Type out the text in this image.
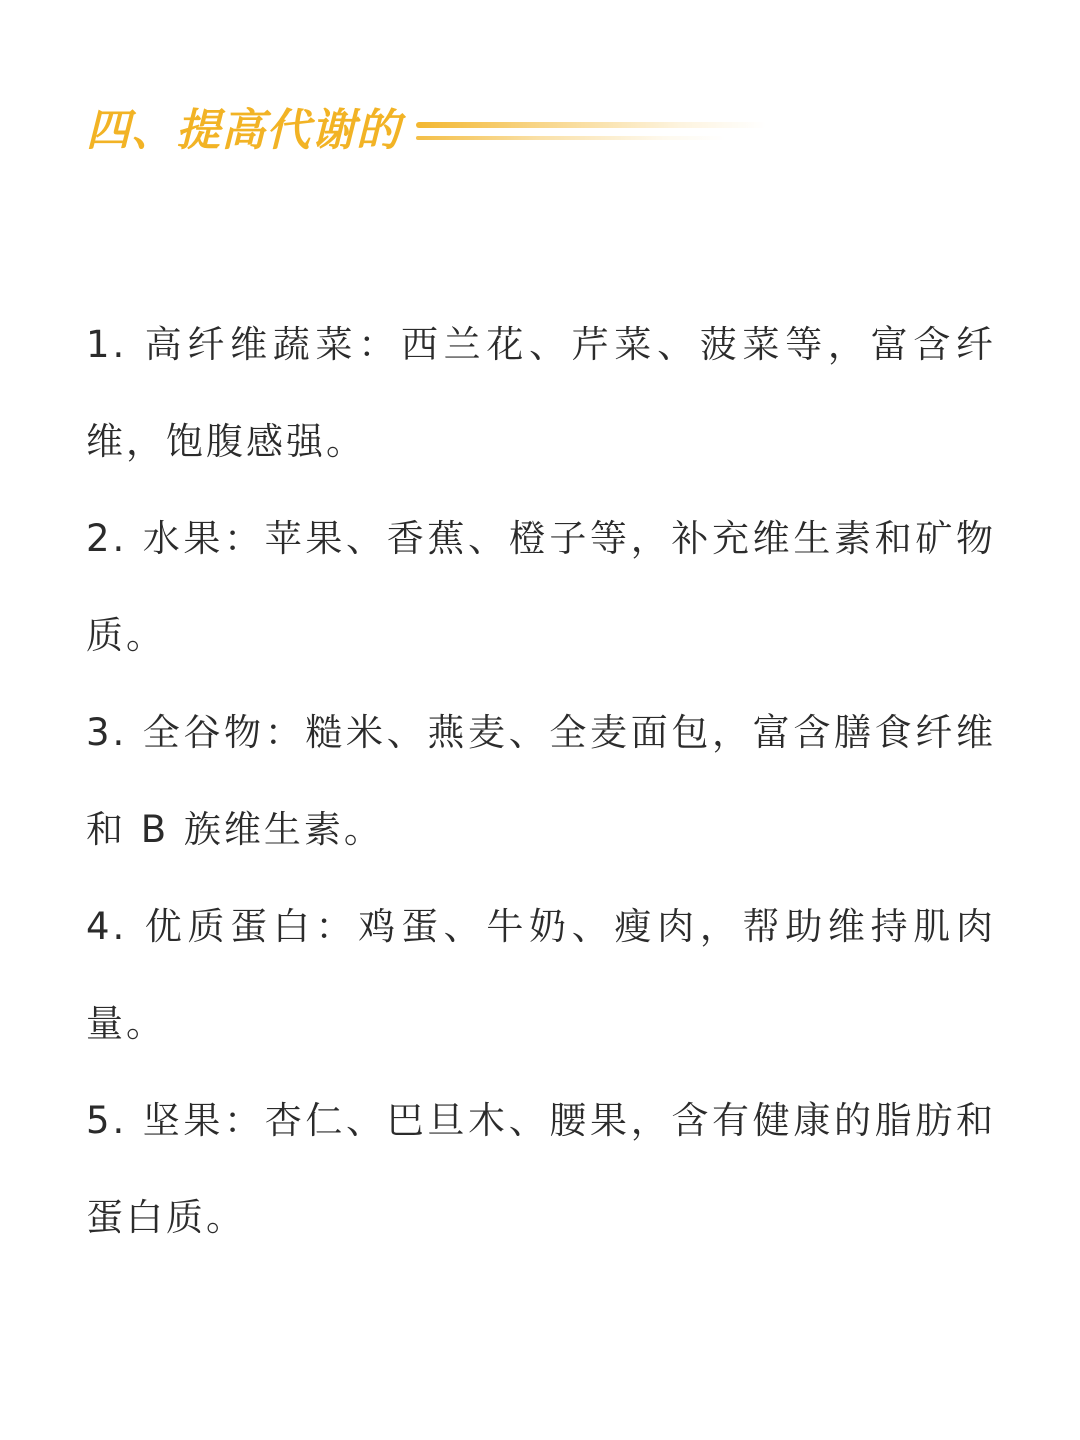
四、提高代谢的

1. 高纤维蔬菜：西兰花、芹菜、菠菜等，富含纤维，饱腹感强。

2. 水果：苹果、香蕉、橙子等，补充维生素和矿物质。

3. 全谷物：糙米、燕麦、全麦面包，富含膳食纤维和 B 族维生素。

4. 优质蛋白：鸡蛋、牛奶、瘦肉，帮助维持肌肉量。

5. 坚果：杏仁、巴旦木、腰果，含有健康的脂肪和蛋白质。
